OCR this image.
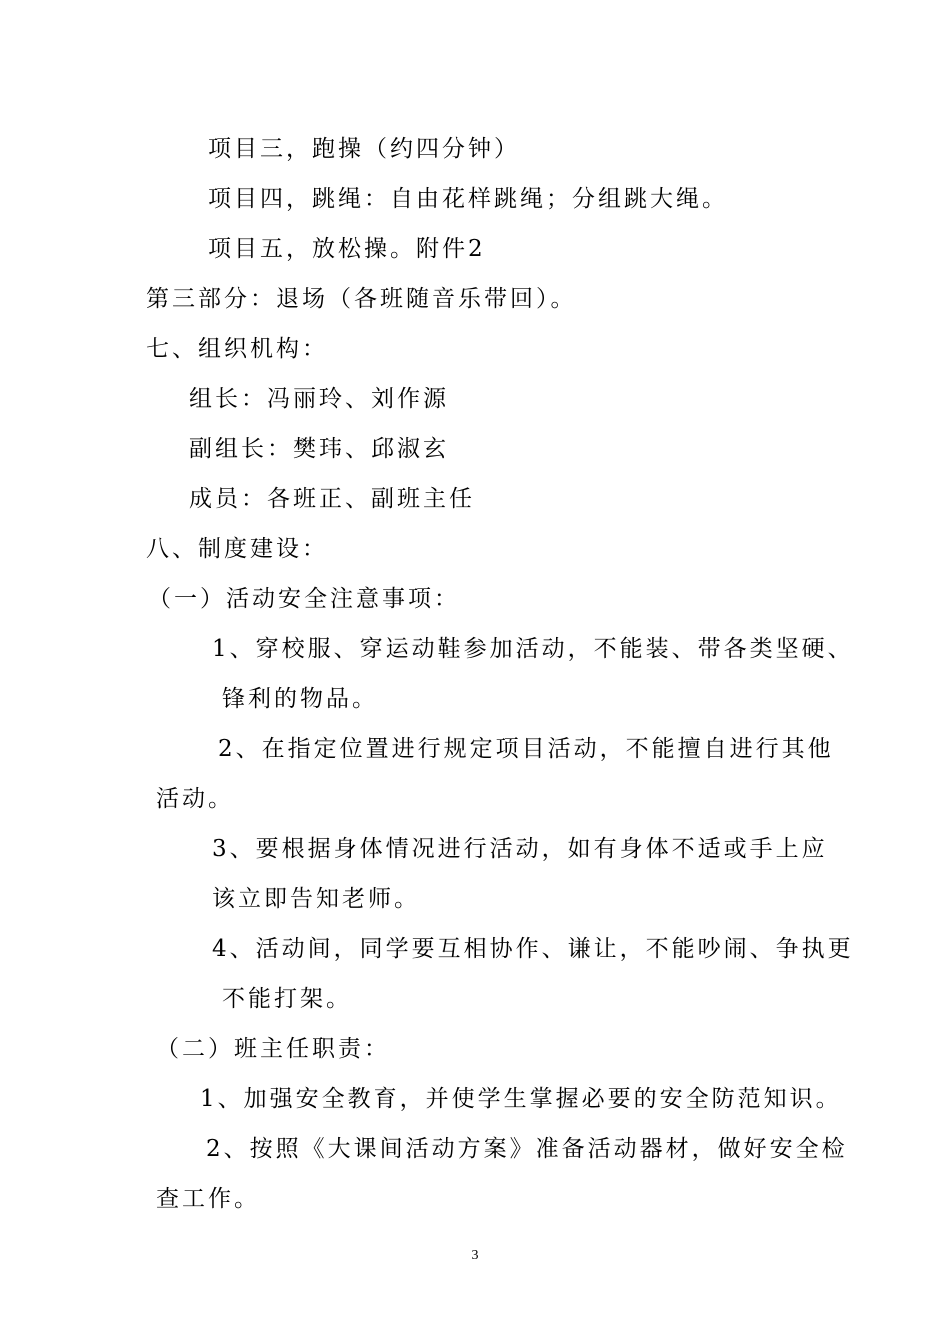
项目三，跑操（约四分钟）
项目四，跳绳：自由花样跳绳；分组跳大绳。
项目五，放松操。附件2
第三部分：退场（各班随音乐带回）。
七、组织机构：
组长：冯丽玲、刘作源
副组长：樊玮、邱淑玄
成员：各班正、副班主任
八、制度建设：
（一）活动安全注意事项：
1、穿校服、穿运动鞋参加活动，不能装、带各类坚硬、
锋利的物品。
2、在指定位置进行规定项目活动，不能擅自进行其他
活动。
3、要根据身体情况进行活动，如有身体不适或手上应
该立即告知老师。
4、活动间，同学要互相协作、谦让，不能吵闹、争执更
不能打架。
（二）班主任职责：
1、加强安全教育，并使学生掌握必要的安全防范知识。
2、按照《大课间活动方案》准备活动器材，做好安全检
查工作。
3
